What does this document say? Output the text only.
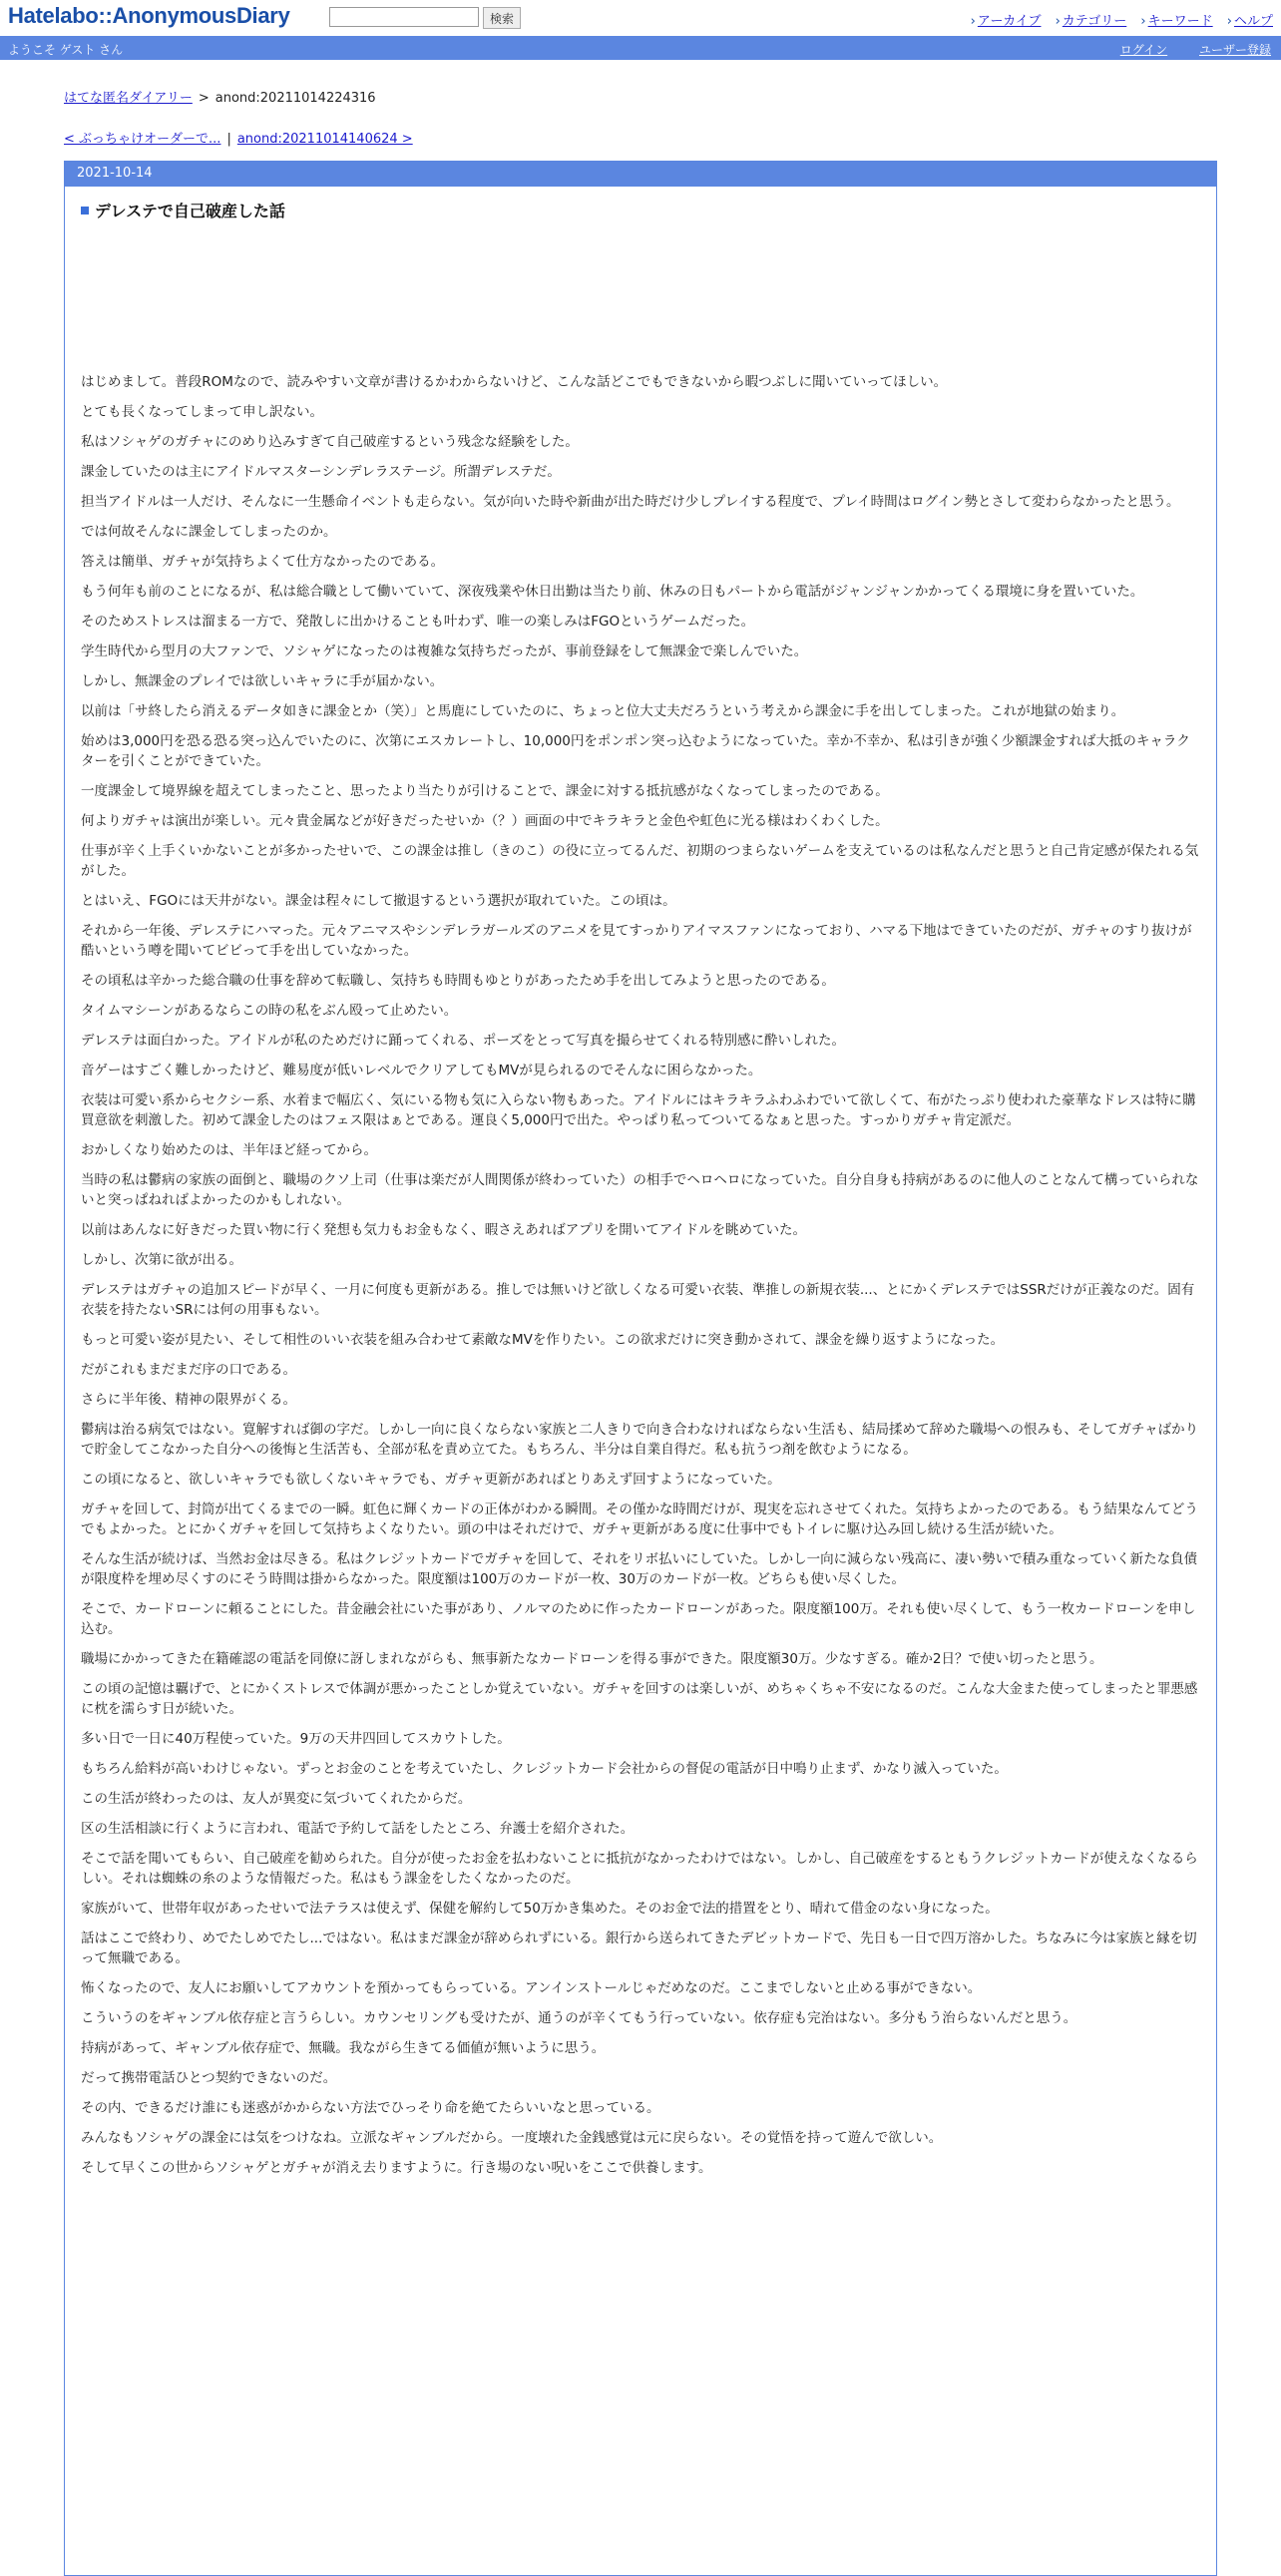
Hatelabo::AnonymousDiary	検索	› アーカイブ › カテゴリー › キーワード › ヘルプ
ようこそ ゲスト さん	ログイン	ユーザー登録
はてな匿名ダイアリー > anond:20211014224316
< ぶっちゃけオーダーで... | anond:20211014140624 >
2021-10-14
デレステで自己破産した話

はじめまして。普段ROMなので、読みやすい文章が書けるかわからないけど、こんな話どこでもできないから暇つぶしに聞いていってほしい。

とても長くなってしまって申し訳ない。

私はソシャゲのガチャにのめり込みすぎて自己破産するという残念な経験をした。

課金していたのは主にアイドルマスターシンデレラステージ。所謂デレステだ。

担当アイドルは一人だけ、そんなに一生懸命イベントも走らない。気が向いた時や新曲が出た時だけ少しプレイする程度で、プレイ時間はログイン勢とさして変わらなかったと思う。

では何故そんなに課金してしまったのか。

答えは簡単、ガチャが気持ちよくて仕方なかったのである。

もう何年も前のことになるが、私は総合職として働いていて、深夜残業や休日出勤は当たり前、休みの日もパートから電話がジャンジャンかかってくる環境に身を置いていた。

そのためストレスは溜まる一方で、発散しに出かけることも叶わず、唯一の楽しみはFGOというゲームだった。

学生時代から型月の大ファンで、ソシャゲになったのは複雑な気持ちだったが、事前登録をして無課金で楽しんでいた。

しかし、無課金のプレイでは欲しいキャラに手が届かない。

以前は「サ終したら消えるデータ如きに課金とか（笑）」と馬鹿にしていたのに、ちょっと位大丈夫だろうという考えから課金に手を出してしまった。これが地獄の始まり。

始めは3,000円を恐る恐る突っ込んでいたのに、次第にエスカレートし、10,000円をポンポン突っ込むようになっていた。幸か不幸か、私は引きが強く少額課金すれば大抵のキャラクターを引くことができていた。

一度課金して境界線を超えてしまったこと、思ったより当たりが引けることで、課金に対する抵抗感がなくなってしまったのである。

何よりガチャは演出が楽しい。元々貴金属などが好きだったせいか（？）画面の中でキラキラと金色や虹色に光る様はわくわくした。

仕事が辛く上手くいかないことが多かったせいで、この課金は推し（きのこ）の役に立ってるんだ、初期のつまらないゲームを支えているのは私なんだと思うと自己肯定感が保たれる気がした。

とはいえ、FGOには天井がない。課金は程々にして撤退するという選択が取れていた。この頃は。

それから一年後、デレステにハマった。元々アニマスやシンデレラガールズのアニメを見てすっかりアイマスファンになっており、ハマる下地はできていたのだが、ガチャのすり抜けが酷いという噂を聞いてビビって手を出していなかった。

その頃私は辛かった総合職の仕事を辞めて転職し、気持ちも時間もゆとりがあったため手を出してみようと思ったのである。

タイムマシーンがあるならこの時の私をぶん殴って止めたい。

デレステは面白かった。アイドルが私のためだけに踊ってくれる、ポーズをとって写真を撮らせてくれる特別感に酔いしれた。

音ゲーはすごく難しかったけど、難易度が低いレベルでクリアしてもMVが見られるのでそんなに困らなかった。

衣装は可愛い系からセクシー系、水着まで幅広く、気にいる物も気に入らない物もあった。アイドルにはキラキラふわふわでいて欲しくて、布がたっぷり使われた豪華なドレスは特に購買意欲を刺激した。初めて課金したのはフェス限はぁとである。運良く5,000円で出た。やっぱり私ってついてるなぁと思った。すっかりガチャ肯定派だ。

おかしくなり始めたのは、半年ほど経ってから。

当時の私は鬱病の家族の面倒と、職場のクソ上司（仕事は楽だが人間関係が終わっていた）の相手でヘロヘロになっていた。自分自身も持病があるのに他人のことなんて構っていられないと突っぱねればよかったのかもしれない。

以前はあんなに好きだった買い物に行く発想も気力もお金もなく、暇さえあればアプリを開いてアイドルを眺めていた。

しかし、次第に欲が出る。

デレステはガチャの追加スピードが早く、一月に何度も更新がある。推しでは無いけど欲しくなる可愛い衣装、準推しの新規衣装...、とにかくデレステではSSRだけが正義なのだ。固有衣装を持たないSRには何の用事もない。

もっと可愛い姿が見たい、そして相性のいい衣装を組み合わせて素敵なMVを作りたい。この欲求だけに突き動かされて、課金を繰り返すようになった。

だがこれもまだまだ序の口である。

さらに半年後、精神の限界がくる。

鬱病は治る病気ではない。寛解すれば御の字だ。しかし一向に良くならない家族と二人きりで向き合わなければならない生活も、結局揉めて辞めた職場への恨みも、そしてガチャばかりで貯金してこなかった自分への後悔と生活苦も、全部が私を責め立てた。もちろん、半分は自業自得だ。私も抗うつ剤を飲むようになる。

この頃になると、欲しいキャラでも欲しくないキャラでも、ガチャ更新があればとりあえず回すようになっていた。

ガチャを回して、封筒が出てくるまでの一瞬。虹色に輝くカードの正体がわかる瞬間。その僅かな時間だけが、現実を忘れさせてくれた。気持ちよかったのである。もう結果なんてどうでもよかった。とにかくガチャを回して気持ちよくなりたい。頭の中はそれだけで、ガチャ更新がある度に仕事中でもトイレに駆け込み回し続ける生活が続いた。

そんな生活が続けば、当然お金は尽きる。私はクレジットカードでガチャを回して、それをリボ払いにしていた。しかし一向に減らない残高に、凄い勢いで積み重なっていく新たな負債が限度枠を埋め尽くすのにそう時間は掛からなかった。限度額は100万のカードが一枚、30万のカードが一枚。どちらも使い尽くした。

そこで、カードローンに頼ることにした。昔金融会社にいた事があり、ノルマのために作ったカードローンがあった。限度額100万。それも使い尽くして、もう一枚カードローンを申し込む。

職場にかかってきた在籍確認の電話を同僚に訝しまれながらも、無事新たなカードローンを得る事ができた。限度額30万。少なすぎる。確か2日？で使い切ったと思う。

この頃の記憶は覊げで、とにかくストレスで体調が悪かったことしか覚えていない。ガチャを回すのは楽しいが、めちゃくちゃ不安になるのだ。こんな大金また使ってしまったと罪悪感に枕を濡らす日が続いた。

多い日で一日に40万程使っていた。9万の天井四回してスカウトした。

もちろん給料が高いわけじゃない。ずっとお金のことを考えていたし、クレジットカード会社からの督促の電話が日中鳴り止まず、かなり滅入っていた。

この生活が終わったのは、友人が異変に気づいてくれたからだ。

区の生活相談に行くように言われ、電話で予約して話をしたところ、弁護士を紹介された。

そこで話を聞いてもらい、自己破産を勧められた。自分が使ったお金を払わないことに抵抗がなかったわけではない。しかし、自己破産をするともうクレジットカードが使えなくなるらしい。それは蜘蛛の糸のような情報だった。私はもう課金をしたくなかったのだ。

家族がいて、世帯年収があったせいで法テラスは使えず、保健を解約して50万かき集めた。そのお金で法的措置をとり、晴れて借金のない身になった。

話はここで終わり、めでたしめでたし...ではない。私はまだ課金が辞められずにいる。銀行から送られてきたデビットカードで、先日も一日で四万溶かした。ちなみに今は家族と縁を切って無職である。

怖くなったので、友人にお願いしてアカウントを預かってもらっている。アンインストールじゃだめなのだ。ここまでしないと止める事ができない。

こういうのをギャンブル依存症と言うらしい。カウンセリングも受けたが、通うのが辛くてもう行っていない。依存症も完治はない。多分もう治らないんだと思う。

持病があって、ギャンブル依存症で、無職。我ながら生きてる価値が無いように思う。

だって携帯電話ひとつ契約できないのだ。

その内、できるだけ誰にも迷惑がかからない方法でひっそり命を絶てたらいいなと思っている。

みんなもソシャゲの課金には気をつけなね。立派なギャンブルだから。一度壊れた金銭感覚は元に戻らない。その覚悟を持って遊んで欲しい。

そして早くこの世からソシャゲとガチャが消え去りますように。行き場のない呪いをここで供養します。
